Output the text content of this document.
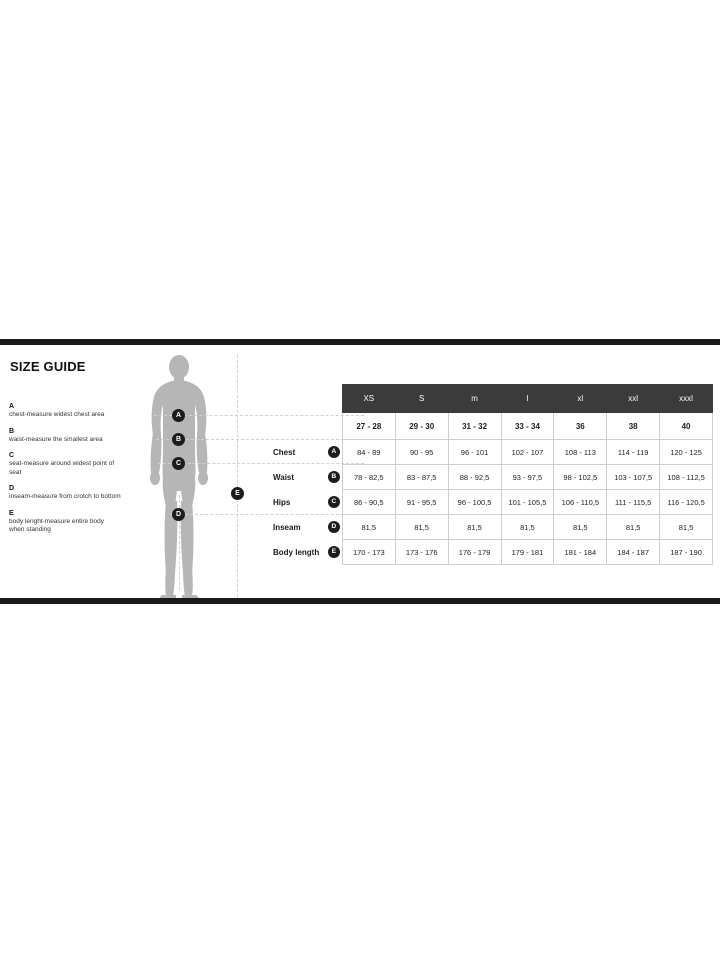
SIZE GUIDE
A
chest-measure widest chest area
B
waist-measure the smallest area
C
seat-measure around widest point of seat
D
inseam-measure from crotch to bottom
E
body lenght-measure entire body when standing
A
B
C
D
E
		XS	S	m	l	xl	xxl	xxxl
		27 - 28	29 - 30	31 - 32	33 - 34	36	38	40
Chest	A	84 - 89	90 - 95	96 - 101	102 - 107	108 - 113	114 - 119	120 - 125
Waist	B	78 - 82,5	83 - 87,5	88 - 92,5	93 - 97,5	98 - 102,5	103 - 107,5	108 - 112,5
Hips	C	86 - 90,5	91 - 95,5	96 - 100,5	101 - 105,5	106 - 110,5	111 - 115,5	116 - 120,5
Inseam	D	81,5	81,5	81,5	81,5	81,5	81,5	81,5
Body length	E	170 - 173	173 - 176	176 - 179	179 - 181	181 - 184	184 - 187	187 - 190
